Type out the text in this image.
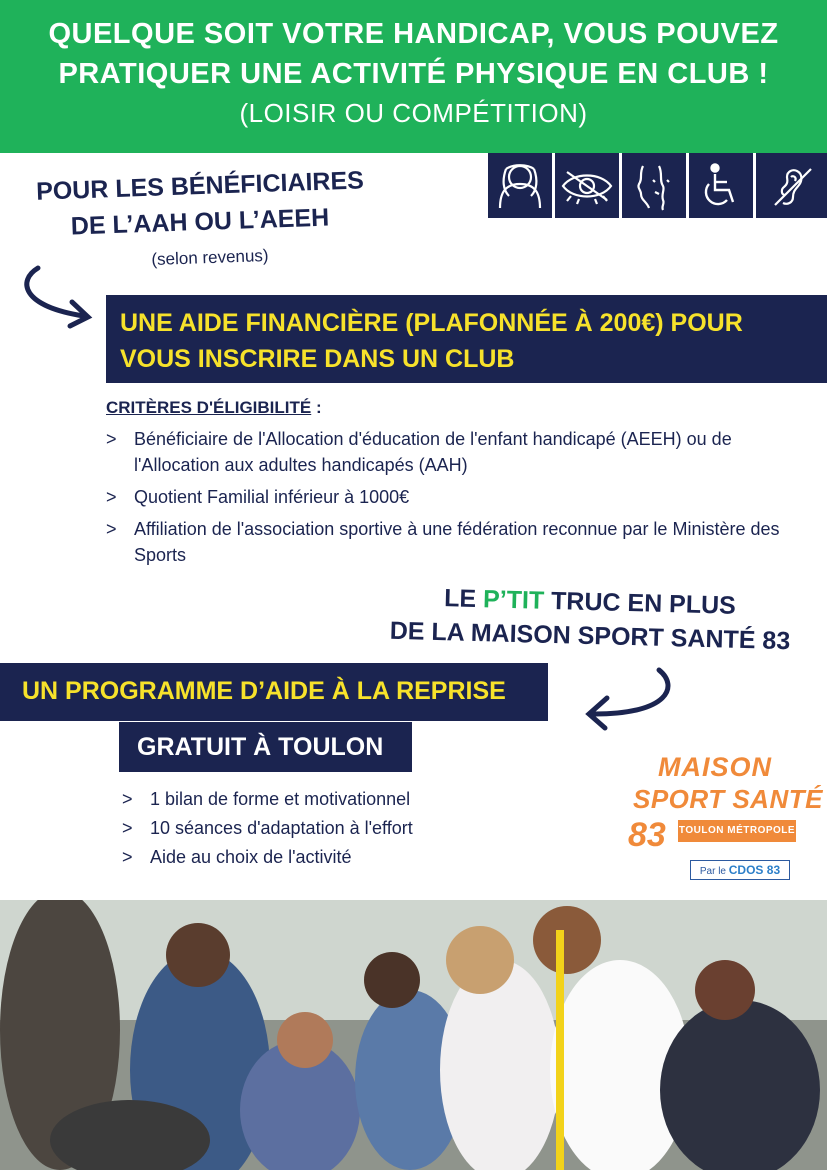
QUELQUE SOIT VOTRE HANDICAP, VOUS POUVEZ
PRATIQUER UNE ACTIVITÉ PHYSIQUE EN CLUB !
(LOISIR OU COMPÉTITION)
POUR LES BÉNÉFICIAIRES
DE L’AAH OU L’AEEH
(selon revenus)
UNE AIDE FINANCIÈRE (PLAFONNÉE À 200€) POUR
VOUS INSCRIRE DANS UN CLUB
CRITÈRES D'ÉLIGIBILITÉ :
> Bénéficiaire de l'Allocation d'éducation de l'enfant handicapé (AEEH) ou de l'Allocation aux adultes handicapés (AAH)
> Quotient Familial inférieur à 1000€
> Affiliation de l'association sportive à une fédération reconnue par le Ministère des Sports
LE P’TIT TRUC EN PLUS
DE LA MAISON SPORT SANTÉ 83
UN PROGRAMME D’AIDE À LA REPRISE
GRATUIT À TOULON
> 1 bilan de forme et motivationnel
> 10 séances d'adaptation à l'effort
> Aide au choix de l'activité
MAISON
SPORT SANTÉ
83 TOULON MÉTROPOLE
Par le CDOS 83
